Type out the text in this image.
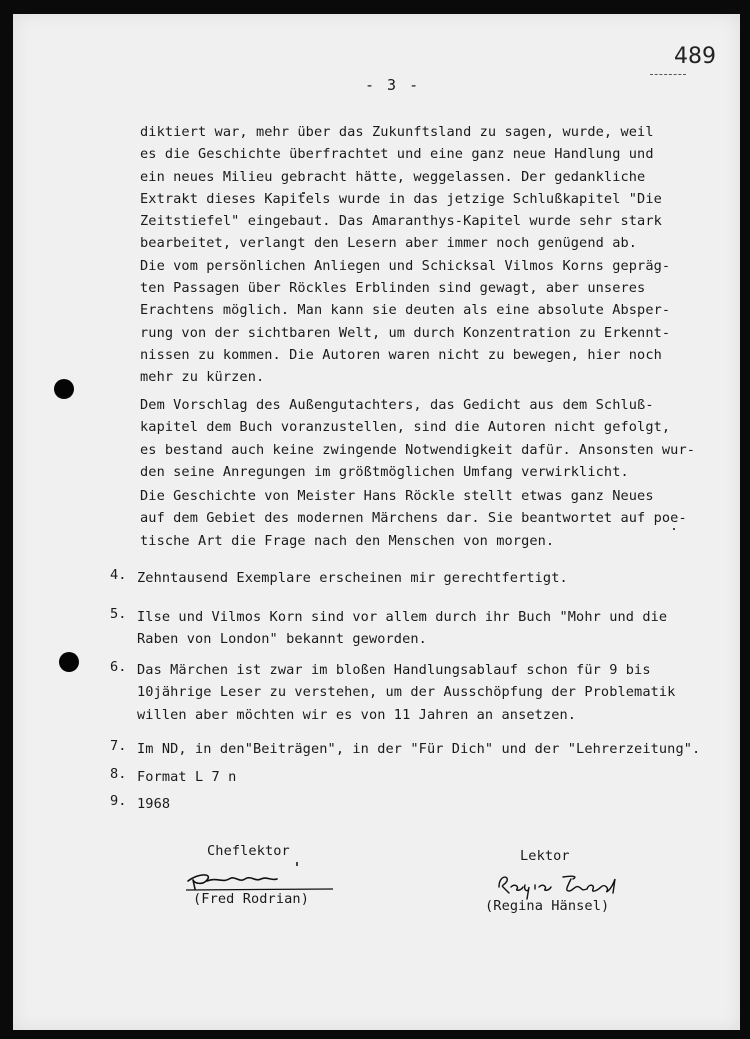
- 3 -
489
diktiert war, mehr über das Zukunftsland zu sagen, wurde, weil
es die Geschichte überfrachtet und eine ganz neue Handlung und
ein neues Milieu gebracht hätte, weggelassen. Der gedankliche
Extrakt dieses Kapitels wurde in das jetzige Schlußkapitel "Die
Zeitstiefel" eingebaut. Das Amaranthys-Kapitel wurde sehr stark
bearbeitet, verlangt den Lesern aber immer noch genügend ab.
Die vom persönlichen Anliegen und Schicksal Vilmos Korns gepräg-
ten Passagen über Röckles Erblinden sind gewagt, aber unseres
Erachtens möglich. Man kann sie deuten als eine absolute Absper-
rung von der sichtbaren Welt, um durch Konzentration zu Erkennt-
nissen zu kommen. Die Autoren waren nicht zu bewegen, hier noch
mehr zu kürzen.
Dem Vorschlag des Außengutachters, das Gedicht aus dem Schluß-
kapitel dem Buch voranzustellen, sind die Autoren nicht gefolgt,
es bestand auch keine zwingende Notwendigkeit dafür. Ansonsten wur-
den seine Anregungen im größtmöglichen Umfang verwirklicht.
Die Geschichte von Meister Hans Röckle stellt etwas ganz Neues
auf dem Gebiet des modernen Märchens dar. Sie beantwortet auf poe-
tische Art die Frage nach den Menschen von morgen.
4. Zehntausend Exemplare erscheinen mir gerechtfertigt.
5. Ilse und Vilmos Korn sind vor allem durch ihr Buch "Mohr und die
Raben von London" bekannt geworden.
6. Das Märchen ist zwar im bloßen Handlungsablauf schon für 9 bis
10jährige Leser zu verstehen, um der Ausschöpfung der Problematik
willen aber möchten wir es von 11 Jahren an ansetzen.
7. Im ND, in den"Beiträgen", in der "Für Dich" und der "Lehrerzeitung".
8. Format L 7 n
9. 1968
Cheflektor	Lektor
(Fred Rodrian)	(Regina Hänsel)
